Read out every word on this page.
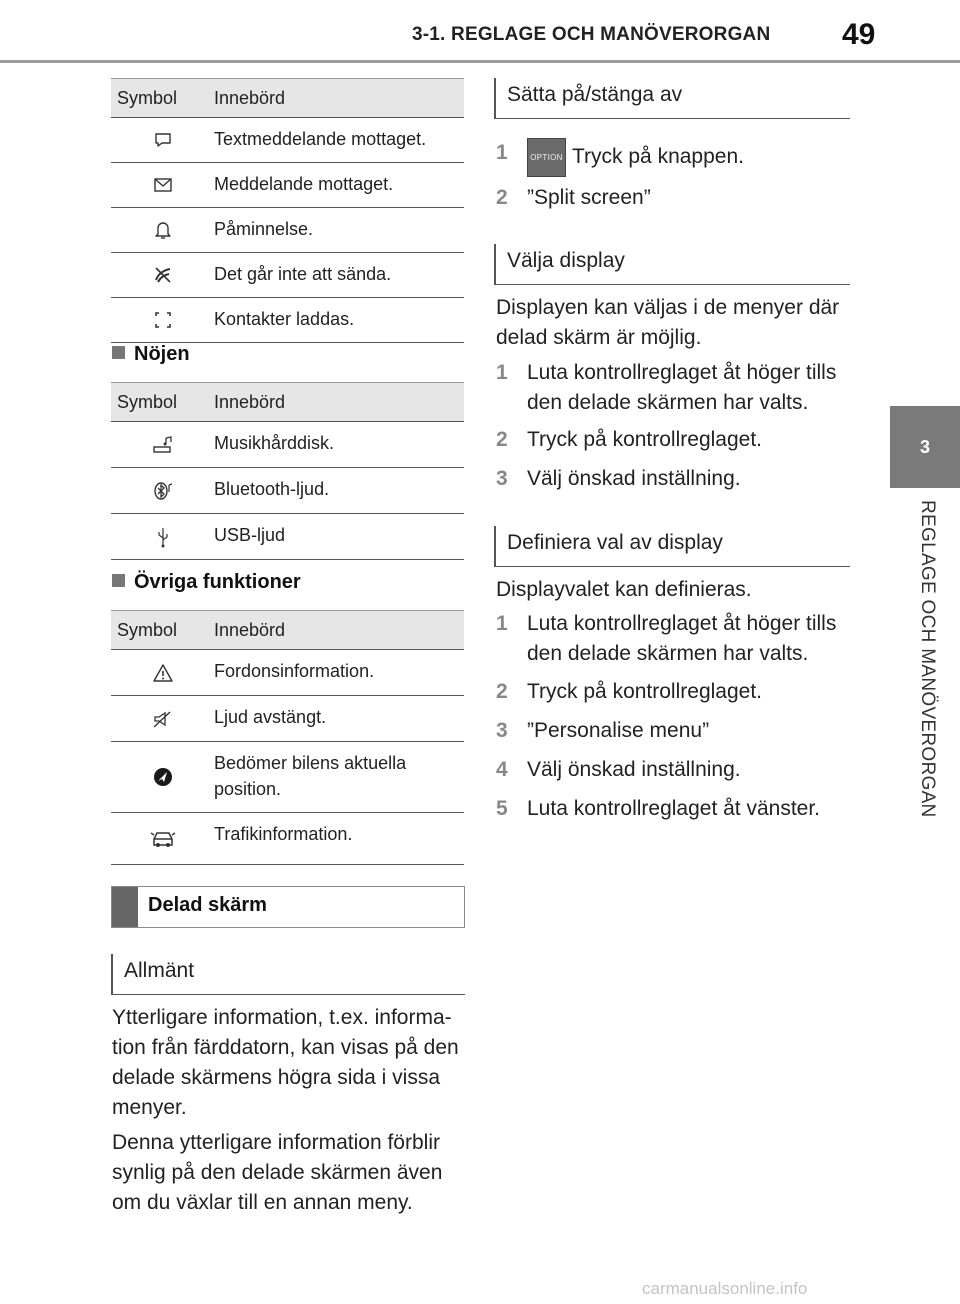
3-1. REGLAGE OCH MANÖVERORGAN 49
3
REGLAGE OCH MANÖVERORGAN
Symbol	Innebörd
	Textmeddelande mottaget.
	Meddelande mottaget.
	Påminnelse.
	Det går inte att sända.
	Kontakter laddas.
Nöjen
Symbol	Innebörd
	Musikhårddisk.
	Bluetooth-ljud.
	USB-ljud
Övriga funktioner
Symbol	Innebörd
	Fordonsinformation.
	Ljud avstängt.
	Bedömer bilens aktuella position.
	Trafikinformation.
Delad skärm
Allmänt
Ytterligare information, t.ex. informa-tion från färddatorn, kan visas på den delade skärmens högra sida i vissa menyer.
Denna ytterligare information förblir synlig på den delade skärmen även om du växlar till en annan meny.
Sätta på/stänga av
1	OPTION Tryck på knappen.
2 ”Split screen”
Välja display
Displayen kan väljas i de menyer där delad skärm är möjlig.
1 Luta kontrollreglaget åt höger tills den delade skärmen har valts.
2 Tryck på kontrollreglaget.
3 Välj önskad inställning.
Definiera val av display
Displayvalet kan definieras.
1 Luta kontrollreglaget åt höger tills den delade skärmen har valts.
2 Tryck på kontrollreglaget.
3 ”Personalise menu”
4 Välj önskad inställning.
5 Luta kontrollreglaget åt vänster.
carmanualsonline.info
